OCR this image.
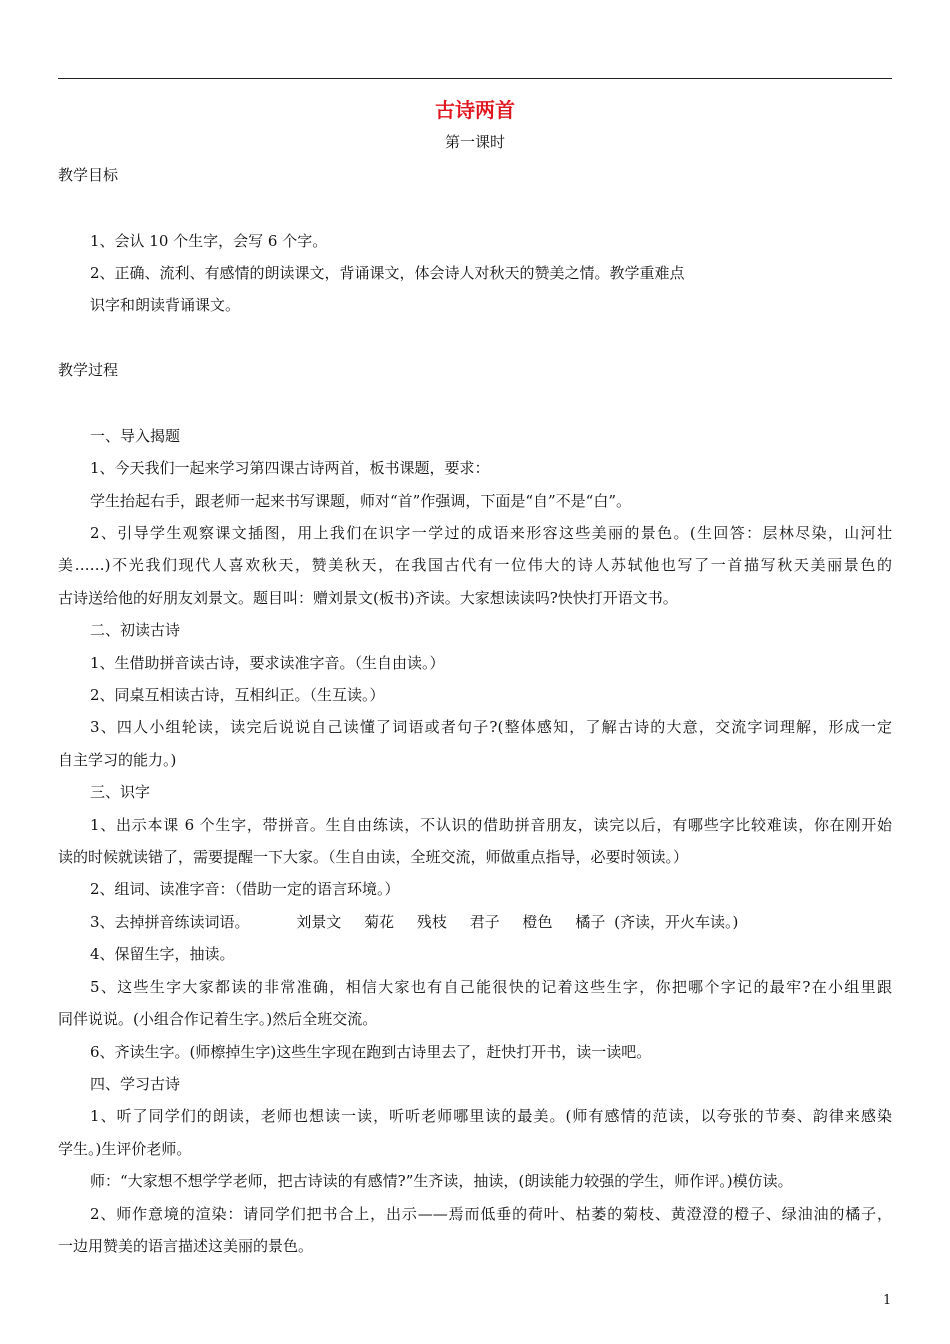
古诗两首
第一课时
教学目标
1、会认 10 个生字，会写 6 个字。
2、正确、流利、有感情的朗读课文，背诵课文，体会诗人对秋天的赞美之情。教学重难点
识字和朗读背诵课文。
教学过程
一、导入揭题
1、今天我们一起来学习第四课古诗两首，板书课题，要求：
学生抬起右手，跟老师一起来书写课题，师对“首”作强调，下面是“自”不是“白”。
2、引导学生观察课文插图，用上我们在识字一学过的成语来形容这些美丽的景色。(生回答：层林尽染，山河壮
美……)不光我们现代人喜欢秋天，赞美秋天，在我国古代有一位伟大的诗人苏轼他也写了一首描写秋天美丽景色的
古诗送给他的好朋友刘景文。题目叫：赠刘景文(板书)齐读。大家想读读吗?快快打开语文书。
二、初读古诗
1、生借助拼音读古诗，要求读准字音。（生自由读。）
2、同桌互相读古诗，互相纠正。（生互读。）
3、四人小组轮读，读完后说说自己读懂了词语或者句子?(整体感知，了解古诗的大意，交流字词理解，形成一定
自主学习的能力。)
三、识字
1、出示本课 6 个生字，带拼音。生自由练读，不认识的借助拼音朋友，读完以后，有哪些字比较难读，你在刚开始
读的时候就读错了，需要提醒一下大家。（生自由读，全班交流，师做重点指导，必要时领读。）
2、组词、读准字音：（借助一定的语言环境。）
3、去掉拼音练读词语。	刘景文 菊花 残枝 君子 橙色 橘子 (齐读，开火车读。)
4、保留生字，抽读。
5、这些生字大家都读的非常准确，相信大家也有自己能很快的记着这些生字，你把哪个字记的最牢?在小组里跟
同伴说说。(小组合作记着生字。)然后全班交流。
6、齐读生字。(师檫掉生字)这些生字现在跑到古诗里去了，赶快打开书，读一读吧。
四、学习古诗
1、听了同学们的朗读，老师也想读一读，听听老师哪里读的最美。(师有感情的范读，以夸张的节奏、韵律来感染
学生。)生评价老师。
师：“大家想不想学学老师，把古诗读的有感情?”生齐读，抽读，(朗读能力较强的学生，师作评。)模仿读。
2、师作意境的渲染：请同学们把书合上，出示——焉而低垂的荷叶、枯萎的菊枝、黄澄澄的橙子、绿油油的橘子，
一边用赞美的语言描述这美丽的景色。
1
